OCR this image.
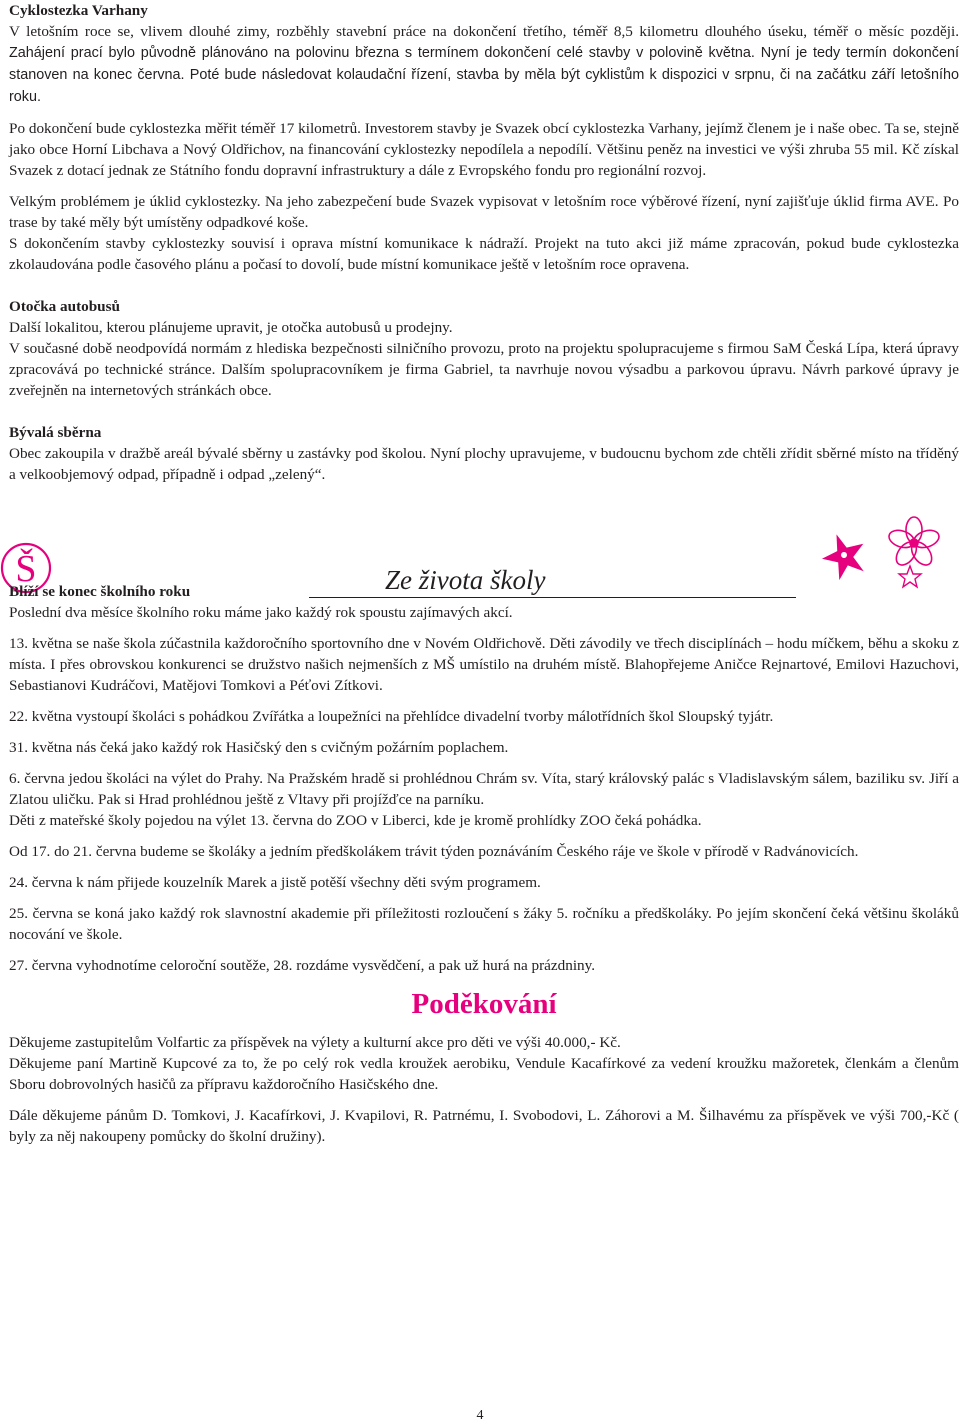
Š	Ze života školy
Cyklostezka Varhany

V letošním roce se, vlivem dlouhé zimy, rozběhly stavební práce na dokončení třetího, téměř 8,5 kilometru dlouhého úseku, téměř o měsíc později. Zahájení prací bylo původně plánováno na polovinu března s termínem dokončení celé stavby v polovině května. Nyní je tedy termín dokončení stanoven na konec června. Poté bude následovat kolaudační řízení, stavba by měla být cyklistům k dispozici v srpnu, či na začátku září letošního roku.

Po dokončení bude cyklostezka měřit téměř 17 kilometrů. Investorem stavby je Svazek obcí cyklostezka Varhany, jejímž členem je i naše obec. Ta se, stejně jako obce Horní Libchava a Nový Oldřichov, na financování cyklostezky nepodílela a nepodílí. Většinu peněz na investici ve výši zhruba 55 mil. Kč získal Svazek z dotací jednak ze Státního fondu dopravní infrastruktury a dále z Evropského fondu pro regionální rozvoj.

Velkým problémem je úklid cyklostezky. Na jeho zabezpečení bude Svazek vypisovat v letošním roce výběrové řízení, nyní zajišťuje úklid firma AVE. Po trase by také měly být umístěny odpadkové koše.

S dokončením stavby cyklostezky souvisí i oprava místní komunikace k nádraží. Projekt na tuto akci již máme zpracován, pokud bude cyklostezka zkolaudována podle časového plánu a počasí to dovolí, bude místní komunikace ještě v letošním roce opravena.

Otočka autobusů

Další lokalitou, kterou plánujeme upravit, je otočka autobusů u prodejny.

V současné době neodpovídá normám z hlediska bezpečnosti silničního provozu, proto na projektu spolupracujeme s firmou SaM Česká Lípa, která úpravy zpracovává po technické stránce. Dalším spolupracovníkem je firma Gabriel, ta navrhuje novou výsadbu a parkovou úpravu. Návrh parkové úpravy je zveřejněn na internetových stránkách obce.

Bývalá sběrna

Obec zakoupila v dražbě areál bývalé sběrny u zastávky pod školou. Nyní plochy upravujeme, v budoucnu bychom zde chtěli zřídit sběrné místo na tříděný a velkoobjemový odpad, případně i odpad „zelený“.

Blíží se konec školního roku

Poslední dva měsíce školního roku máme jako každý rok spoustu zajímavých akcí.

13. května se naše škola zúčastnila každoročního sportovního dne v Novém Oldřichově. Děti závodily ve třech disciplínách – hodu míčkem, běhu a skoku z místa. I přes obrovskou konkurenci se družstvo našich nejmenších z MŠ umístilo na druhém místě. Blahopřejeme Aničce Rejnartové, Emilovi Hazuchovi, Sebastianovi Kudráčovi, Matějovi Tomkovi a Péťovi Zítkovi.

22. května vystoupí školáci s pohádkou Zvířátka a loupežníci na přehlídce divadelní tvorby málotřídních škol Sloupský tyjátr.

31. května nás čeká jako každý rok Hasičský den s cvičným požárním poplachem.

6. června jedou školáci na výlet do Prahy. Na Pražském hradě si prohlédnou Chrám sv. Víta, starý královský palác s Vladislavským sálem, baziliku sv. Jiří a Zlatou uličku. Pak si Hrad prohlédnou ještě z Vltavy při projížďce na parníku.

Děti z mateřské školy pojedou na výlet 13. června do ZOO v Liberci, kde je kromě prohlídky ZOO čeká pohádka.

Od 17. do 21. června budeme se školáky a jedním předškolákem trávit týden poznáváním Českého ráje ve škole v přírodě v Radvánovicích.

24. června k nám přijede kouzelník Marek a jistě potěší všechny děti svým programem.

25. června se koná jako každý rok slavnostní akademie při příležitosti rozloučení s žáky 5. ročníku a předškoláky. Po jejím skončení čeká většinu školáků nocování ve škole.

27. června vyhodnotíme celoroční soutěže, 28. rozdáme vysvědčení, a pak už hurá na prázdniny.

Poděkování

Děkujeme zastupitelům Volfartic za příspěvek na výlety a kulturní akce pro děti ve výši 40.000,- Kč.

Děkujeme paní Martině Kupcové za to, že po celý rok vedla kroužek aerobiku, Vendule Kacafírkové za vedení kroužku mažoretek, členkám a členům Sboru dobrovolných hasičů za přípravu každoročního Hasičského dne.

Dále děkujeme pánům D. Tomkovi, J. Kacafírkovi, J. Kvapilovi, R. Patrnému, I. Svobodovi, L. Záhorovi a M. Šilhavému za příspěvek ve výši 700,-Kč ( byly za něj nakoupeny pomůcky do školní družiny).

4
